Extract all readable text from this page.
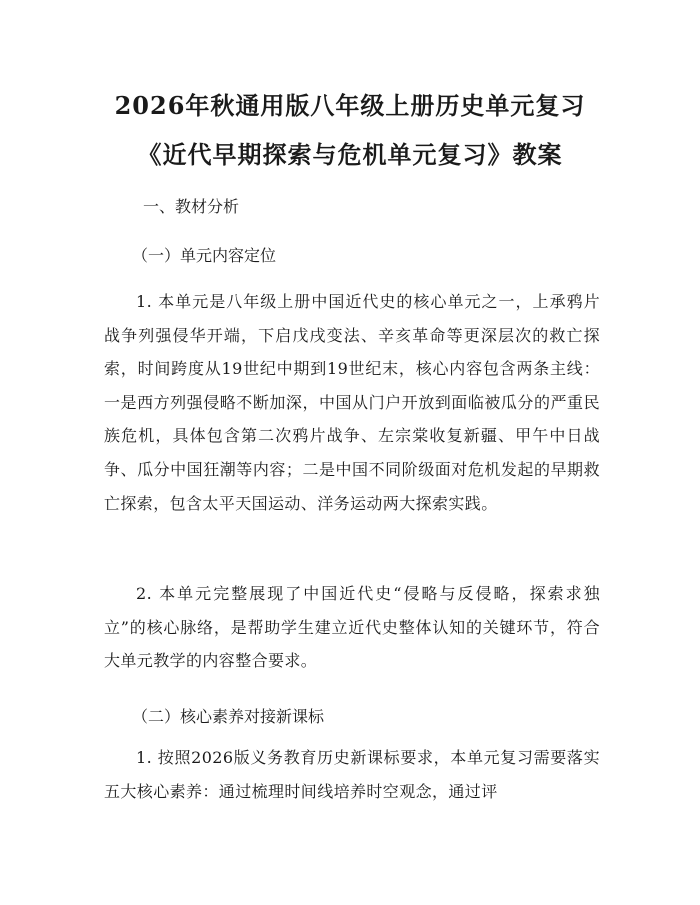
2026年秋通用版八年级上册历史单元复习
《近代早期探索与危机单元复习》教案
一、教材分析
（一）单元内容定位
1. 本单元是八年级上册中国近代史的核心单元之一，上承鸦片战争列强侵华开端，下启戊戌变法、辛亥革命等更深层次的救亡探索，时间跨度从19世纪中期到19世纪末，核心内容包含两条主线：一是西方列强侵略不断加深，中国从门户开放到面临被瓜分的严重民族危机，具体包含第二次鸦片战争、左宗棠收复新疆、甲午中日战争、瓜分中国狂潮等内容；二是中国不同阶级面对危机发起的早期救亡探索，包含太平天国运动、洋务运动两大探索实践。
2. 本单元完整展现了中国近代史“侵略与反侵略，探索求独立”的核心脉络，是帮助学生建立近代史整体认知的关键环节，符合大单元教学的内容整合要求。
（二）核心素养对接新课标
1. 按照2026版义务教育历史新课标要求，本单元复习需要落实五大核心素养：通过梳理时间线培养时空观念，通过评
